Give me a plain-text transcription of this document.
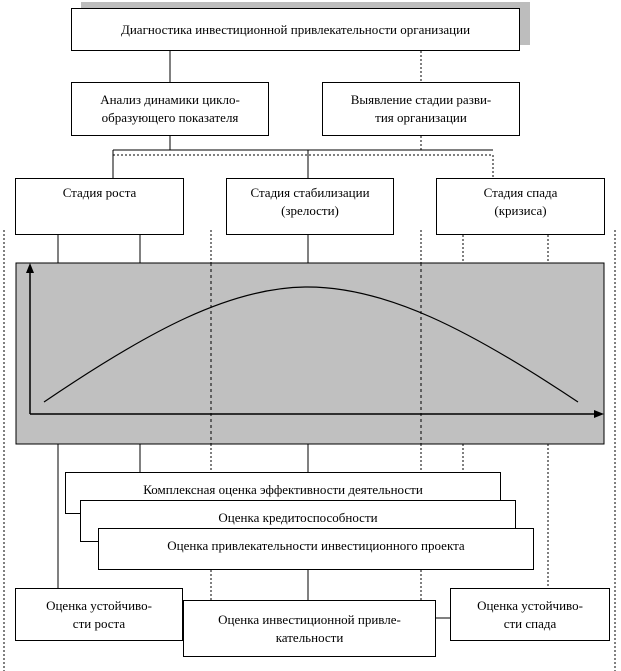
Диагностика инвестиционной привлекательности организации
Анализ динамики цикло-
образующего показателя
Выявление стадии разви-
тия организации
Стадия роста	Стадия стабилизации
(зрелости)
Стадия спада
(кризиса)
Комплексная оценка эффективности деятельности
Оценка кредитоспособности
Оценка привлекательности инвестиционного проекта
Оценка устойчиво-
сти роста	Оценка инвестиционной привле-
кательности
Оценка устойчиво-
сти спада
